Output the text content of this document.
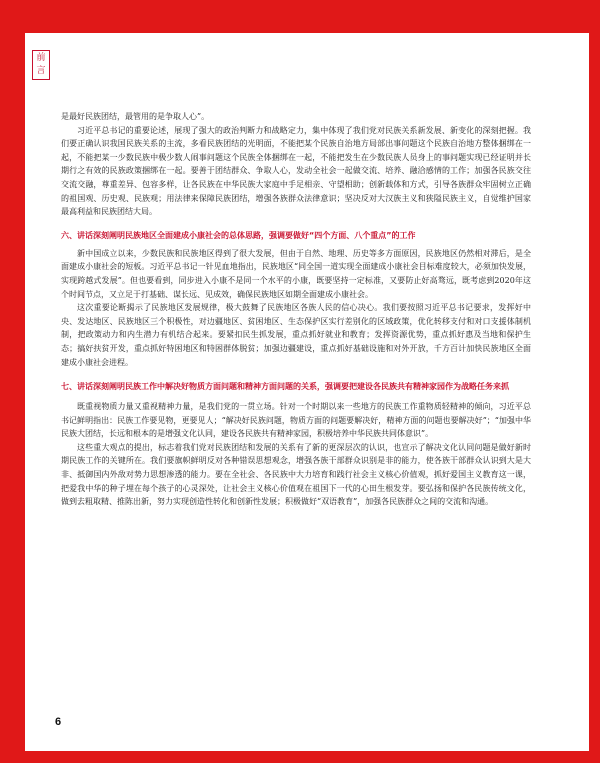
前
言

是最好民族团结，最管用的是争取人心”。

习近平总书记的重要论述，展现了强大的政治判断力和战略定力，集中体现了我们党对民族关系新发展、新变化的深刻把握。我们要正确认识我国民族关系的主流，多看民族团结的光明面，不能把某个民族自治地方局部出事问题这个民族自治地方整体捆绑在一起，不能把某一少数民族中极少数人闹事问题这个民族全体捆绑在一起，不能把发生在少数民族人员身上的事问题实现已经证明并长期行之有效的民族政策捆绑在一起。要善于团结群众、争取人心，发动全社会一起做交流、培养、融洽感情的工作；加强各民族交往交流交融，尊重差异、包容多样，让各民族在中华民族大家庭中手足相亲、守望相助；创新载体和方式，引导各族群众牢固树立正确的祖国观、历史观、民族观；用法律来保障民族团结，增强各族群众法律意识；坚决反对大汉族主义和狭隘民族主义，自觉维护国家最高利益和民族团结大局。

六、讲话深刻阐明民族地区全面建成小康社会的总体思路，强调要做好“四个方面、八个重点”的工作

新中国成立以来，少数民族和民族地区得到了很大发展，但由于自然、地理、历史等多方面原因，民族地区仍然相对滞后，是全面建成小康社会的短板。习近平总书记一针见血地指出，民族地区“同全国一道实现全面建成小康社会目标难度较大，必须加快发展，实现跨越式发展”。但也要看到，同步进入小康不是同一个水平的小康，既要坚持一定标准，又要防止好高骛远，既考虑到2020年这个时间节点，又立足于打基础、谋长远、见成效，确保民族地区如期全面建成小康社会。

这次重要论断揭示了民族地区发展规律，极大鼓舞了民族地区各族人民的信心决心。我们要按照习近平总书记要求，发挥好中央、发达地区、民族地区三个积极性，对边疆地区、贫困地区、生态保护区实行差别化的区域政策，优化转移支付和对口支援体制机制，把政策动力和内生潜力有机结合起来。要紧扣民生抓发展，重点抓好就业和教育；发挥资源优势，重点抓好惠及当地和保护生态；搞好扶贫开发，重点抓好特困地区和特困群体脱贫；加强边疆建设，重点抓好基础设施和对外开放，千方百计加快民族地区全面建成小康社会进程。

七、讲话深刻阐明民族工作中解决好物质方面问题和精神方面问题的关系，强调要把建设各民族共有精神家园作为战略任务来抓

既重视物质力量又重视精神力量，是我们党的一贯立场。针对一个时期以来一些地方的民族工作重物质轻精神的倾向，习近平总书记鲜明指出：民族工作要见物，更要见人；“解决好民族问题，物质方面的问题要解决好，精神方面的问题也要解决好”；“加强中华民族大团结，长远和根本的是增强文化认同，建设各民族共有精神家园，积极培养中华民族共同体意识”。

这些重大观点的提出，标志着我们党对民族团结和发展的关系有了新的更深层次的认识，也宣示了解决文化认同问题是做好新时期民族工作的关键所在。我们要旗帜鲜明反对各种错误思想观念，增强各族干部群众识别是非的能力，使各族干部群众认识到大是大非、抵御国内外敌对势力思想渗透的能力。要在全社会、各民族中大力培育和践行社会主义核心价值观，抓好爱国主义教育这一课，把爱我中华的种子埋在每个孩子的心灵深处，让社会主义核心价值观在祖国下一代的心田生根发芽。要弘扬和保护各民族传统文化，做到去粗取精、推陈出新，努力实现创造性转化和创新性发展；积极做好“双语教育”，加强各民族群众之间的交流和沟通。

6
